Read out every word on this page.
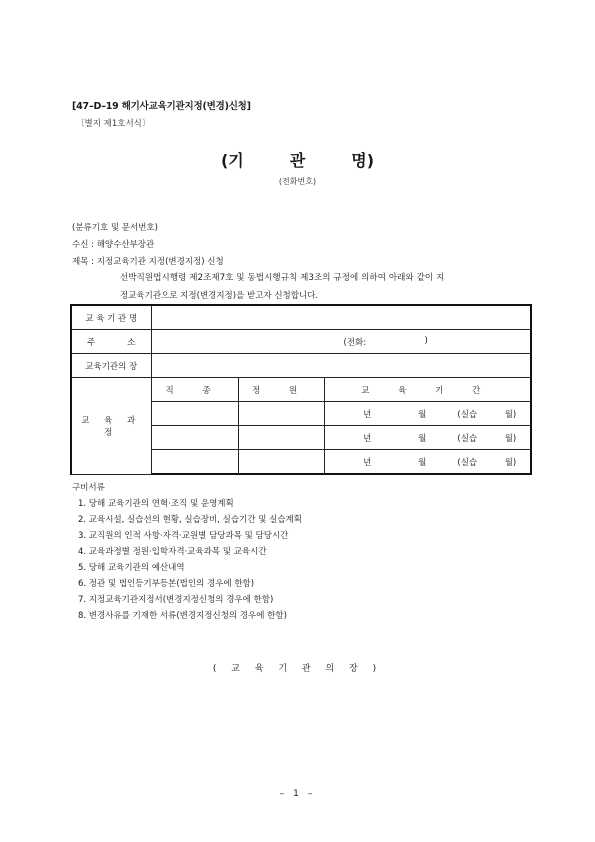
[47–D–19 해기사교육기관지정(변경)신청]
〔별지 제1호서식〕
(기	관	명)
(전화번호)
(분류기호 및 문서번호)
수신 : 해양수산부장관
제목 : 지정교육기관 지정(변경지정) 신청
선박직원법시행령 제2조제7호 및 동법시행규칙 제3조의 규정에 의하여 아래와 같이 지
정교육기관으로 지정(변경지정)을 받고자 신청합니다.
교 육 기 관 명			
주 소	(전화: )		

교육기관의 장			
교 육 과 정	직 종	정 원	교 육 기 간
			년 월 (실습 월)
			년 월 (실습 월)
			년 월 (실습 월)
구비서류
1. 당해 교육기관의 연혁·조직 및 운영계획
2. 교육시설, 실습선의 현황, 실습장비, 실습기간 및 실습계획
3. 교직원의 인적 사항·자격·교원별 담당과목 및 담당시간
4. 교육과정별 정원·입학자격·교육과목 및 교육시간
5. 당해 교육기관의 예산내역
6. 정관 및 법인등기부등본(법인의 경우에 한함)
7. 지정교육기관지정서(변경지정신청의 경우에 한함)
8. 변경사유를 기재한 서류(변경지정신청의 경우에 한함)
( 교 육 기 관 의 장 )
– 1 –
